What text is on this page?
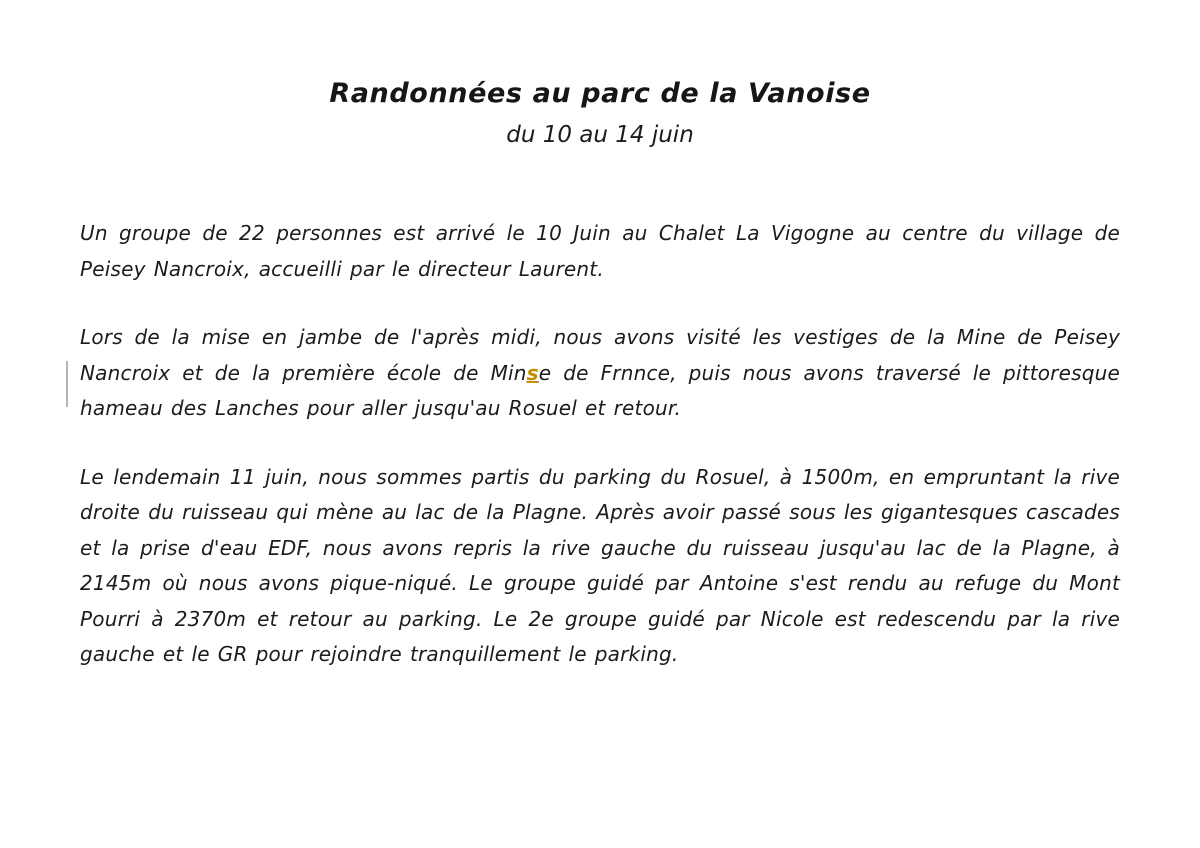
Randonnées au parc de la Vanoise
du 10 au 14 juin

Un groupe de 22 personnes est arrivé le 10 Juin au Chalet La Vigogne au centre du village de Peisey Nancroix, accueilli par le directeur Laurent.

Lors de la mise en jambe de l'après midi, nous avons visité les vestiges de la Mine de Peisey Nancroix et de la première école de Minse de Frnnce, puis nous avons traversé le pittoresque hameau des Lanches pour aller jusqu'au Rosuel et retour.

Le lendemain 11 juin, nous sommes partis du parking du Rosuel, à 1500m, en empruntant la rive droite du ruisseau qui mène au lac de la Plagne. Après avoir passé sous les gigantesques cascades et la prise d'eau EDF, nous avons repris la rive gauche du ruisseau jusqu'au lac de la Plagne, à 2145m où nous avons pique-niqué. Le groupe guidé par Antoine s'est rendu au refuge du Mont Pourri à 2370m et retour au parking. Le 2e groupe guidé par Nicole est redescendu par la rive gauche et le GR pour rejoindre tranquillement le parking.
